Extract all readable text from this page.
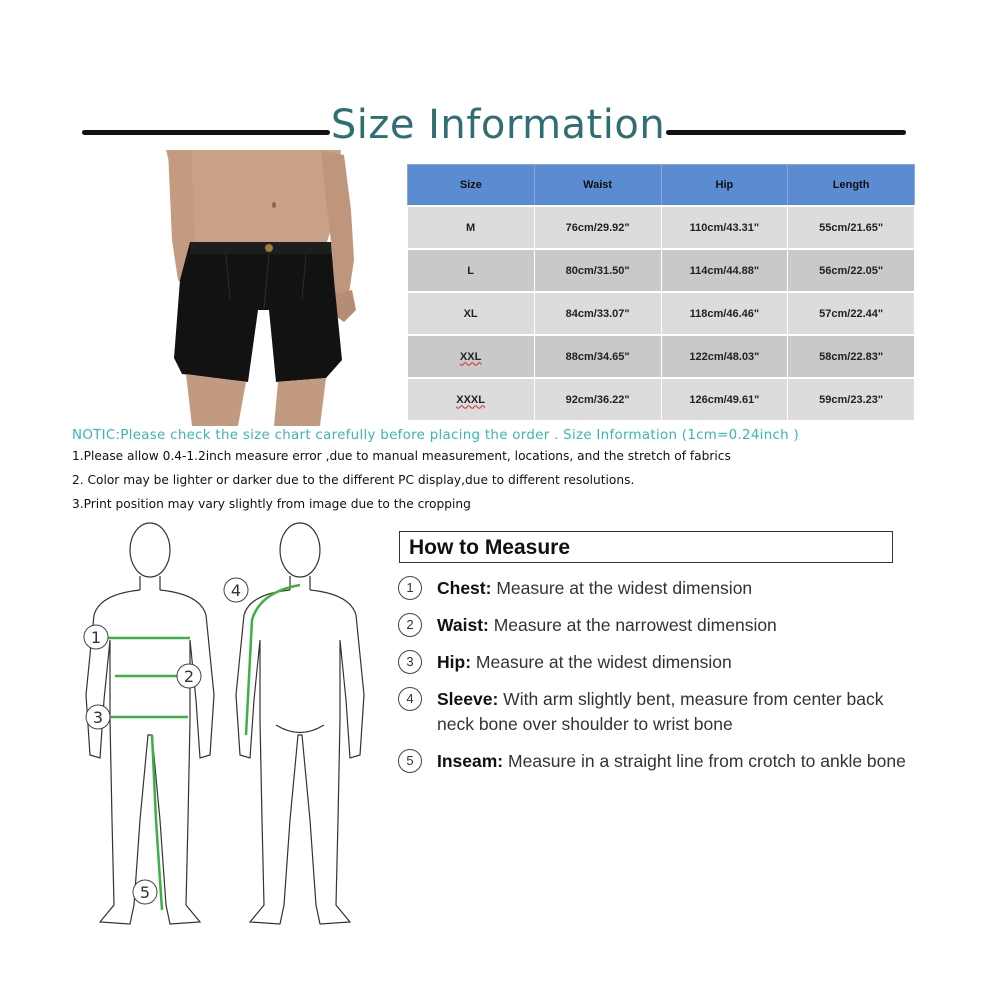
Size Information
Size	Waist	Hip	Length
M	76cm/29.92"	110cm/43.31"	55cm/21.65"
L	80cm/31.50"	114cm/44.88"	56cm/22.05"
XL	84cm/33.07"	118cm/46.46"	57cm/22.44"
XXL	88cm/34.65"	122cm/48.03"	58cm/22.83"
XXXL	92cm/36.22"	126cm/49.61"	59cm/23.23"
NOTIC:Please check the size chart carefully before placing the order . Size Information (1cm=0.24inch )
1.Please allow 0.4-1.2inch measure error ,due to manual measurement, locations, and the stretch of fabrics
2. Color may be lighter or darker due to the different PC display,due to different resolutions.
3.Print position may vary slightly from image due to the cropping
1
2
3
4
5
How to Measure
1	Chest: Measure at the widest dimension
2	Waist: Measure at the narrowest dimension
3	Hip: Measure at the widest dimension
4	Sleeve: With arm slightly bent, measure from center back neck bone over shoulder to wrist bone
5	Inseam: Measure in a straight line from crotch to ankle bone
